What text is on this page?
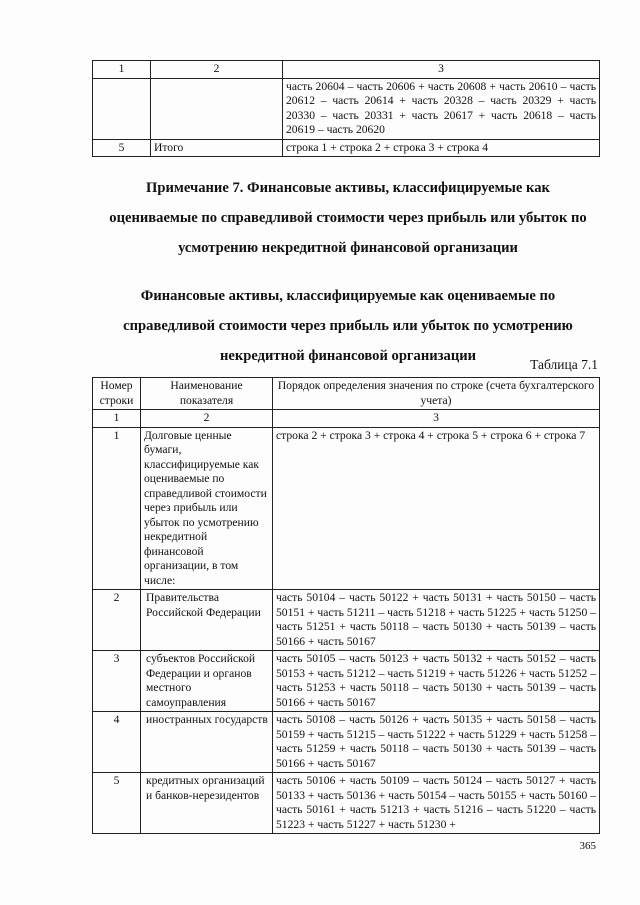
1	2	3
		часть 20604 – часть 20606 + часть 20608 + часть 20610 – часть 20612 – часть 20614 + часть 20328 – часть 20329 + часть 20330 – часть 20331 + часть 20617 + часть 20618 – часть 20619 – часть 20620
5	Итого	строка 1 + строка 2 + строка 3 + строка 4
Примечание 7. Финансовые активы, классифицируемые как
оцениваемые по справедливой стоимости через прибыль или убыток по
усмотрению некредитной финансовой организации
Финансовые активы, классифицируемые как оцениваемые по
справедливой стоимости через прибыль или убыток по усмотрению
некредитной финансовой организации
Таблица 7.1
Номер строки	Наименование показателя	Порядок определения значения по строке (счета бухгалтерского учета)
1	2	3
1	Долговые ценные бумаги, классифицируемые как оцениваемые по справедливой стоимости через прибыль или убыток по усмотрению некредитной финансовой организации, в том числе:	строка 2 + строка 3 + строка 4 + строка 5 + строка 6 + строка 7
2	Правительства Российской Федерации	часть 50104 – часть 50122 + часть 50131 + часть 50150 – часть 50151 + часть 51211 – часть 51218 + часть 51225 + часть 51250 – часть 51251 + часть 50118 – часть 50130 + часть 50139 – часть 50166 + часть 50167
3	субъектов Российской Федерации и органов местного самоуправления	часть 50105 – часть 50123 + часть 50132 + часть 50152 – часть 50153 + часть 51212 – часть 51219 + часть 51226 + часть 51252 – часть 51253 + часть 50118 – часть 50130 + часть 50139 – часть 50166 + часть 50167
4	иностранных государств	часть 50108 – часть 50126 + часть 50135 + часть 50158 – часть 50159 + часть 51215 – часть 51222 + часть 51229 + часть 51258 – часть 51259 + часть 50118 – часть 50130 + часть 50139 – часть 50166 + часть 50167
5	кредитных организаций и банков-нерезидентов	часть 50106 + часть 50109 – часть 50124 – часть 50127 + часть 50133 + часть 50136 + часть 50154 – часть 50155 + часть 50160 – часть 50161 + часть 51213 + часть 51216 – часть 51220 – часть 51223 + часть 51227 + часть 51230 +
365
